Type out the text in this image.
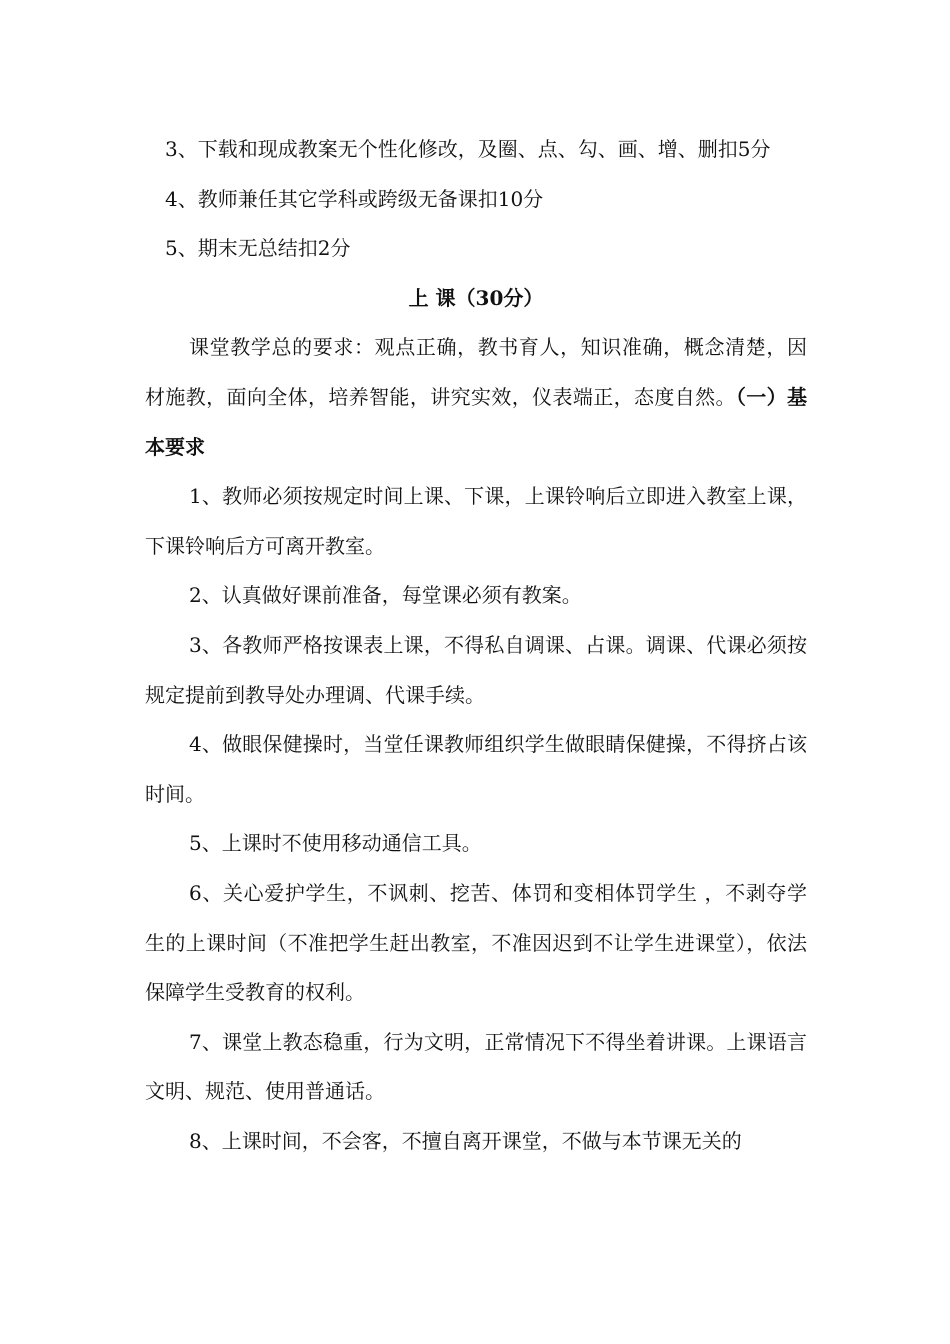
3、下载和现成教案无个性化修改，及圈、点、勾、画、增、删扣5分

4、教师兼任其它学科或跨级无备课扣10分

5、期末无总结扣2分

上 课（30分）

课堂教学总的要求：观点正确，教书育人，知识准确，概念清楚，因材施教，面向全体，培养智能，讲究实效，仪表端正，态度自然。（一）基本要求

1、教师必须按规定时间上课、下课，上课铃响后立即进入教室上课，下课铃响后方可离开教室。

2、认真做好课前准备，每堂课必须有教案。

3、各教师严格按课表上课，不得私自调课、占课。调课、代课必须按规定提前到教导处办理调、代课手续。

4、做眼保健操时，当堂任课教师组织学生做眼睛保健操，不得挤占该时间。

5、上课时不使用移动通信工具。

6、关心爱护学生，不讽刺、挖苦、体罚和变相体罚学生 ，不剥夺学生的上课时间（不准把学生赶出教室，不准因迟到不让学生进课堂），依法保障学生受教育的权利。

7、课堂上教态稳重，行为文明，正常情况下不得坐着讲课。上课语言文明、规范、使用普通话。

8、上课时间，不会客，不擅自离开课堂，不做与本节课无关的
